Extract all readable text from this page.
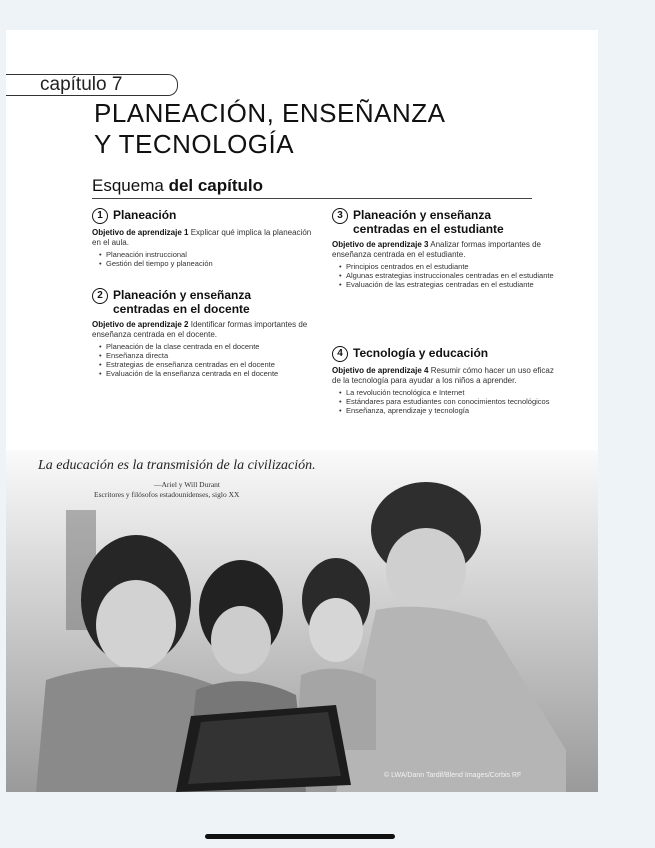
capítulo 7
PLANEACIÓN, ENSEÑANZA
Y TECNOLOGÍA
Esquema del capítulo
1 Planeación
Objetivo de aprendizaje 1 Explicar qué implica la planeación en el aula.
• Planeación instruccional
• Gestión del tiempo y planeación
2 Planeación y enseñanza
centradas en el docente
Objetivo de aprendizaje 2 Identificar formas importantes de enseñanza centrada en el docente.
• Planeación de la clase centrada en el docente
• Enseñanza directa
• Estrategias de enseñanza centradas en el docente
• Evaluación de la enseñanza centrada en el docente
3 Planeación y enseñanza
centradas en el estudiante
Objetivo de aprendizaje 3 Analizar formas importantes de enseñanza centrada en el estudiante.
• Principios centrados en el estudiante
• Algunas estrategias instruccionales centradas en el estudiante
• Evaluación de las estrategias centradas en el estudiante
4 Tecnología y educación
Objetivo de aprendizaje 4 Resumir cómo hacer un uso eficaz de la tecnología para ayudar a los niños a aprender.
• La revolución tecnológica e Internet
• Estándares para estudiantes con conocimientos tecnológicos
• Enseñanza, aprendizaje y tecnología
La educación es la transmisión de la civilización.
—Ariel y Will Durant
Escritores y filósofos estadounidenses, siglo XX
© LWA/Dann Tardif/Blend Images/Corbis RF
